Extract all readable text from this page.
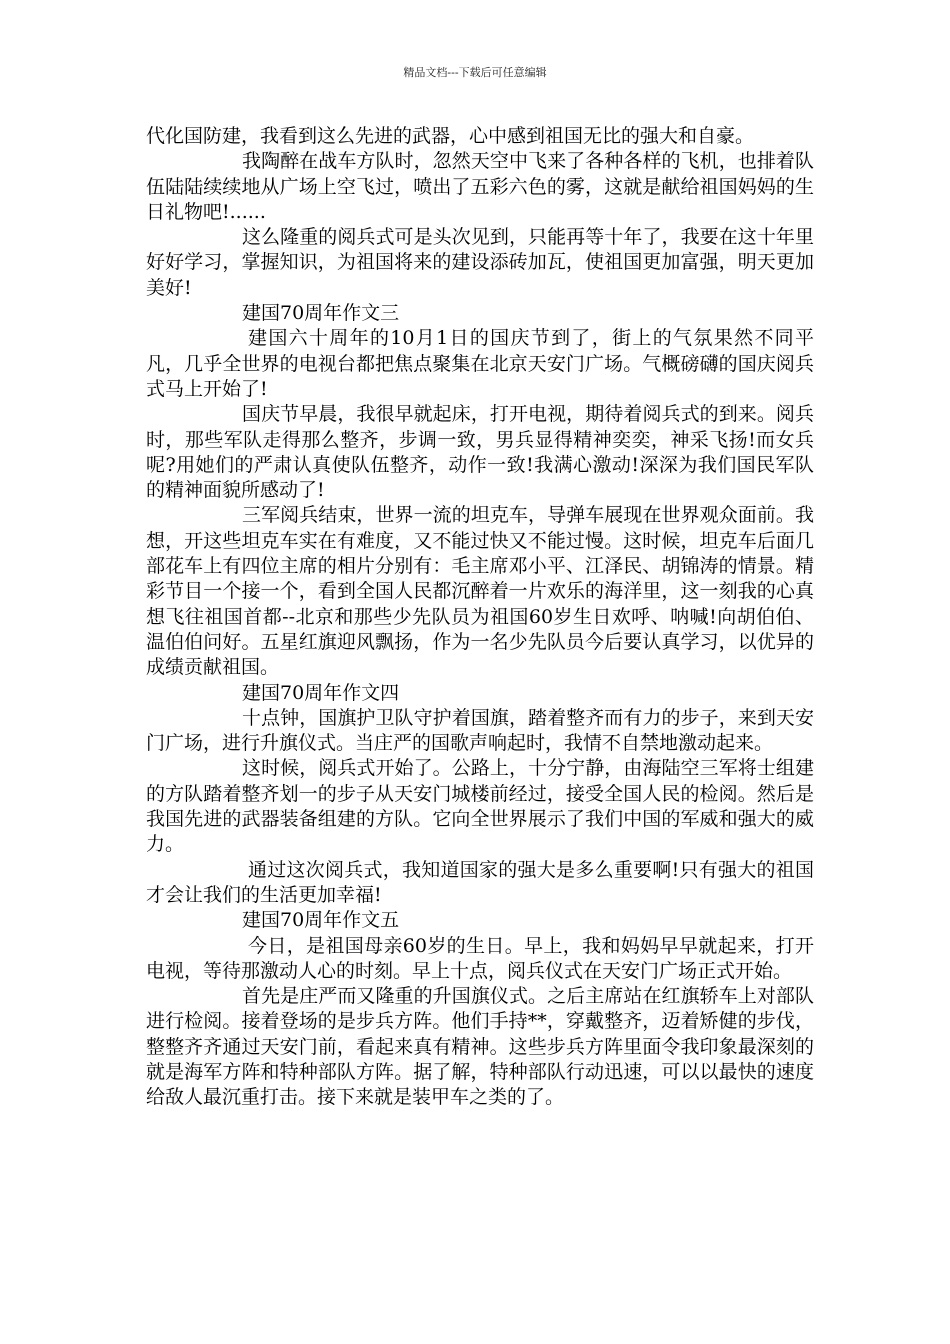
精品文档---下载后可任意编辑

代化国防建，我看到这么先进的武器，心中感到祖国无比的强大和自豪。

我陶醉在战车方队时，忽然天空中飞来了各种各样的飞机，也排着队伍陆陆续续地从广场上空飞过，喷出了五彩六色的雾，这就是献给祖国妈妈的生日礼物吧!......

这么隆重的阅兵式可是头次见到，只能再等十年了，我要在这十年里好好学习，掌握知识，为祖国将来的建设添砖加瓦，使祖国更加富强，明天更加美好!

建国70周年作文三

建国六十周年的10月1日的国庆节到了，街上的气氛果然不同平凡，几乎全世界的电视台都把焦点聚集在北京天安门广场。气概磅礴的国庆阅兵式马上开始了!

国庆节早晨，我很早就起床，打开电视，期待着阅兵式的到来。阅兵时，那些军队走得那么整齐，步调一致，男兵显得精神奕奕，神采飞扬!而女兵呢?用她们的严肃认真使队伍整齐，动作一致!我满心激动!深深为我们国民军队的精神面貌所感动了!

三军阅兵结束，世界一流的坦克车，导弹车展现在世界观众面前。我想，开这些坦克车实在有难度，又不能过快又不能过慢。这时候，坦克车后面几部花车上有四位主席的相片分别有：毛主席邓小平、江泽民、胡锦涛的情景。精彩节目一个接一个，看到全国人民都沉醉着一片欢乐的海洋里，这一刻我的心真想飞往祖国首都--北京和那些少先队员为祖国60岁生日欢呼、呐喊!向胡伯伯、温伯伯问好。五星红旗迎风飘扬，作为一名少先队员今后要认真学习，以优异的成绩贡献祖国。

建国70周年作文四

十点钟，国旗护卫队守护着国旗，踏着整齐而有力的步子，来到天安门广场，进行升旗仪式。当庄严的国歌声响起时，我情不自禁地激动起来。

这时候，阅兵式开始了。公路上，十分宁静，由海陆空三军将士组建的方队踏着整齐划一的步子从天安门城楼前经过，接受全国人民的检阅。然后是我国先进的武器装备组建的方队。它向全世界展示了我们中国的军威和强大的威力。

通过这次阅兵式，我知道国家的强大是多么重要啊!只有强大的祖国才会让我们的生活更加幸福!

建国70周年作文五

今日，是祖国母亲60岁的生日。早上，我和妈妈早早就起来，打开电视，等待那激动人心的时刻。早上十点，阅兵仪式在天安门广场正式开始。

首先是庄严而又隆重的升国旗仪式。之后主席站在红旗轿车上对部队进行检阅。接着登场的是步兵方阵。他们手持**，穿戴整齐，迈着矫健的步伐，整整齐齐通过天安门前，看起来真有精神。这些步兵方阵里面令我印象最深刻的就是海军方阵和特种部队方阵。据了解，特种部队行动迅速，可以以最快的速度给敌人最沉重打击。接下来就是装甲车之类的了。
